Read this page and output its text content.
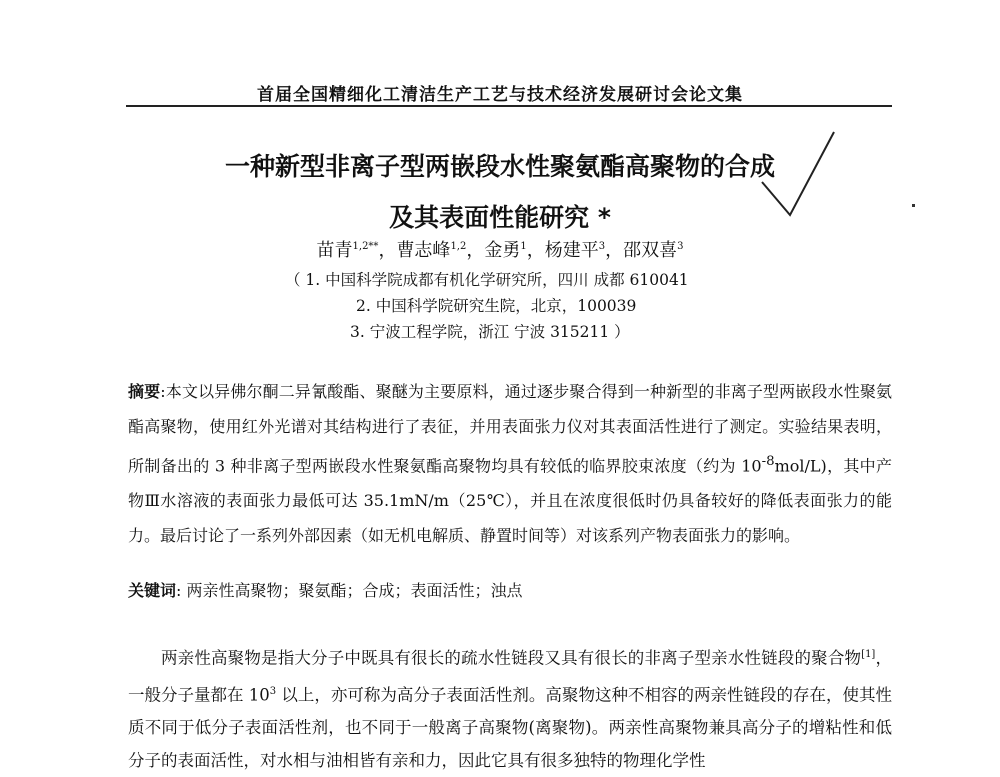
首届全国精细化工清洁生产工艺与技术经济发展研讨会论文集
一种新型非离子型两嵌段水性聚氨酯高聚物的合成
及其表面性能研究 *
苗青$^{1,2**}$，曹志峰$^{1,2}$，金勇$^1$，杨建平$^3$，邵双喜$^3$
（ 1. 中国科学院成都有机化学研究所，四川 成都 610041
2. 中国科学院研究生院，北京，100039
3. 宁波工程学院，浙江 宁波 315211 ）
摘要:本文以异佛尔酮二异氰酸酯、聚醚为主要原料，通过逐步聚合得到一种新型的非离子型两嵌段水性聚氨酯高聚物，使用红外光谱对其结构进行了表征，并用表面张力仪对其表面活性进行了测定。实验结果表明，所制备出的 3 种非离子型两嵌段水性聚氨酯高聚物均具有较低的临界胶束浓度（约为 $10^{-8}mol/L$)，其中产物Ⅲ水溶液的表面张力最低可达 35.1mN/m（25℃），并且在浓度很低时仍具备较好的降低表面张力的能力。最后讨论了一系列外部因素（如无机电解质、静置时间等）对该系列产物表面张力的影响。
关键词: 两亲性高聚物；聚氨酯；合成；表面活性；浊点
两亲性高聚物是指大分子中既具有很长的疏水性链段又具有很长的非离子型亲水性链段的聚合物[1]，一般分子量都在 $10^3$ 以上，亦可称为高分子表面活性剂。高聚物这种不相容的两亲性链段的存在，使其性质不同于低分子表面活性剂，也不同于一般离子高聚物(离聚物)。两亲性高聚物兼具高分子的增粘性和低分子的表面活性，对水相与油相皆有亲和力，因此它具有很多独特的物理化学性
